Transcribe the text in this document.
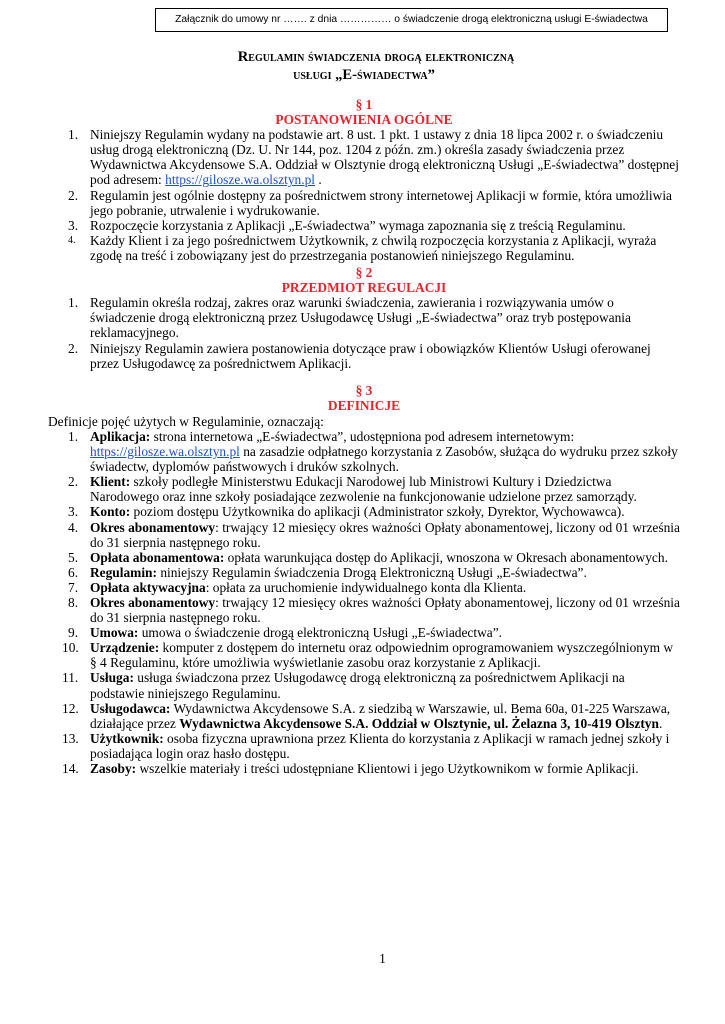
Załącznik do umowy nr ……. z dnia …………… o świadczenie drogą elektroniczną usługi E-świadectwa
Regulamin świadczenia drogą elektroniczną
usługi „E-świadectwa”
§ 1
POSTANOWIENIA OGÓLNE
1. Niniejszy Regulamin wydany na podstawie art. 8 ust. 1 pkt. 1 ustawy z dnia 18 lipca 2002 r. o świadczeniu usług drogą elektroniczną (Dz. U. Nr 144, poz. 1204 z późn. zm.) określa zasady świadczenia przez Wydawnictwa Akcydensowe S.A. Oddział w Olsztynie drogą elektroniczną Usługi „E-świadectwa” dostępnej pod adresem: https://gilosze.wa.olsztyn.pl .
2. Regulamin jest ogólnie dostępny za pośrednictwem strony internetowej Aplikacji w formie, która umożliwia jego pobranie, utrwalenie i wydrukowanie.
3. Rozpoczęcie korzystania z Aplikacji „E-świadectwa” wymaga zapoznania się z treścią Regulaminu.
4.	Każdy Klient i za jego pośrednictwem Użytkownik, z chwilą rozpoczęcia korzystania z Aplikacji, wyraża zgodę na treść i zobowiązany jest do przestrzegania postanowień niniejszego Regulaminu.
§ 2
PRZEDMIOT REGULACJI
1. Regulamin określa rodzaj, zakres oraz warunki świadczenia, zawierania i rozwiązywania umów o świadczenie drogą elektroniczną przez Usługodawcę Usługi „E-świadectwa” oraz tryb postępowania reklamacyjnego.
2. Niniejszy Regulamin zawiera postanowienia dotyczące praw i obowiązków Klientów Usługi oferowanej przez Usługodawcę za pośrednictwem Aplikacji.
§ 3
DEFINICJE
Definicje pojęć użytych w Regulaminie, oznaczają:
1. Aplikacja: strona internetowa „E-świadectwa”, udostępniona pod adresem internetowym: https://gilosze.wa.olsztyn.pl na zasadzie odpłatnego korzystania z Zasobów, służąca do wydruku przez szkoły świadectw, dyplomów państwowych i druków szkolnych.
2. Klient: szkoły podległe Ministerstwu Edukacji Narodowej lub Ministrowi Kultury i Dziedzictwa Narodowego oraz inne szkoły posiadające zezwolenie na funkcjonowanie udzielone przez samorządy.
3. Konto: poziom dostępu Użytkownika do aplikacji (Administrator szkoły, Dyrektor, Wychowawca).
4. Okres abonamentowy: trwający 12 miesięcy okres ważności Opłaty abonamentowej, liczony od 01 września do 31 sierpnia następnego roku.
5. Opłata abonamentowa: opłata warunkująca dostęp do Aplikacji, wnoszona w Okresach abonamentowych.
6. Regulamin: niniejszy Regulamin świadczenia Drogą Elektroniczną Usługi „E-świadectwa”.
7. Opłata aktywacyjna: opłata za uruchomienie indywidualnego konta dla Klienta.
8. Okres abonamentowy: trwający 12 miesięcy okres ważności Opłaty abonamentowej, liczony od 01 września do 31 sierpnia następnego roku.
9. Umowa: umowa o świadczenie drogą elektroniczną Usługi „E-świadectwa”.
10. Urządzenie: komputer z dostępem do internetu oraz odpowiednim oprogramowaniem wyszczególnionym w § 4 Regulaminu, które umożliwia wyświetlanie zasobu oraz korzystanie z Aplikacji.
11. Usługa: usługa świadczona przez Usługodawcę drogą elektroniczną za pośrednictwem Aplikacji na podstawie niniejszego Regulaminu.
12. Usługodawca: Wydawnictwa Akcydensowe S.A. z siedzibą w Warszawie, ul. Bema 60a, 01-225 Warszawa, działające przez Wydawnictwa Akcydensowe S.A. Oddział w Olsztynie, ul. Żelazna 3, 10-419 Olsztyn.
13. Użytkownik: osoba fizyczna uprawniona przez Klienta do korzystania z Aplikacji w ramach jednej szkoły i posiadająca login oraz hasło dostępu.
14. Zasoby: wszelkie materiały i treści udostępniane Klientowi i jego Użytkownikom w formie Aplikacji.
1
